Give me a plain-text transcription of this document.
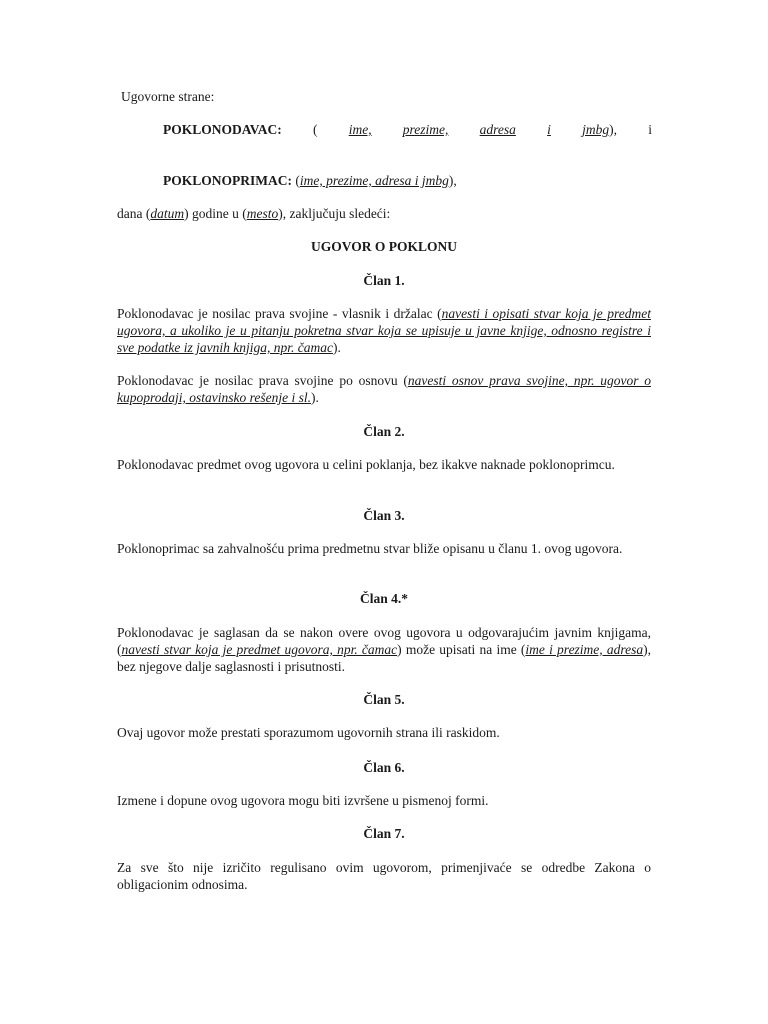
Ugovorne strane:
POKLONODAVAC: ( ime, prezime, adresa i jmbg), i
POKLONOPRIMAC: (ime, prezime, adresa i jmbg),
dana (datum) godine u (mesto), zaključuju sledeći:
UGOVOR O POKLONU
Član 1.
Poklonodavac je nosilac prava svojine - vlasnik i držalac (navesti i opisati stvar koja je predmet ugovora, a ukoliko je u pitanju pokretna stvar koja se upisuje u javne knjige, odnosno registre i sve podatke iz javnih knjiga, npr. čamac).
Poklonodavac je nosilac prava svojine po osnovu (navesti osnov prava svojine, npr. ugovor o kupoprodaji, ostavinsko rešenje i sl.).
Član 2.
Poklonodavac predmet ovog ugovora u celini poklanja, bez ikakve naknade poklonoprimcu.
Član 3.
Poklonoprimac sa zahvalnošću prima predmetnu stvar bliže opisanu u članu 1. ovog ugovora.
Član 4.*
Poklonodavac je saglasan da se nakon overe ovog ugovora u odgovarajućim javnim knjigama, (navesti stvar koja je predmet ugovora, npr. čamac) može upisati na ime (ime i prezime, adresa), bez njegove dalje saglasnosti i prisutnosti.
Član 5.
Ovaj ugovor može prestati sporazumom ugovornih strana ili raskidom.
Član 6.
Izmene i dopune ovog ugovora mogu biti izvršene u pismenoj formi.
Član 7.
Za sve što nije izričito regulisano ovim ugovorom, primenjivaće se odredbe Zakona o obligacionim odnosima.
